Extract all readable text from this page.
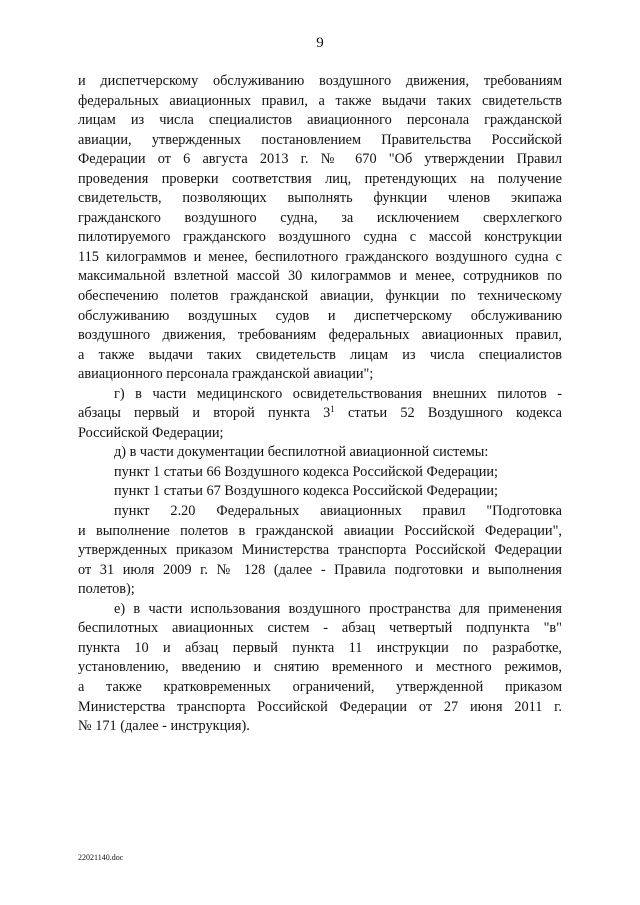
9
и диспетчерскому обслуживанию воздушного движения, требованиям
федеральных авиационных правил, а также выдачи таких свидетельств
лицам из числа специалистов авиационного персонала гражданской
авиации, утвержденных постановлением Правительства Российской
Федерации от 6 августа 2013 г. № 670 "Об утверждении Правил
проведения проверки соответствия лиц, претендующих на получение
свидетельств, позволяющих выполнять функции членов экипажа
гражданского воздушного судна, за исключением сверхлегкого
пилотируемого гражданского воздушного судна с массой конструкции
115 килограммов и менее, беспилотного гражданского воздушного судна с
максимальной взлетной массой 30 килограммов и менее, сотрудников по
обеспечению полетов гражданской авиации, функции по техническому
обслуживанию воздушных судов и диспетчерскому обслуживанию
воздушного движения, требованиям федеральных авиационных правил,
а также выдачи таких свидетельств лицам из числа специалистов
авиационного персонала гражданской авиации";
г) в части медицинского освидетельствования внешних пилотов -
абзацы первый и второй пункта $3^1$ статьи 52 Воздушного кодекса
Российской Федерации;
д) в части документации беспилотной авиационной системы:
пункт 1 статьи 66 Воздушного кодекса Российской Федерации;
пункт 1 статьи 67 Воздушного кодекса Российской Федерации;
пункт 2.20 Федеральных авиационных правил "Подготовка
и выполнение полетов в гражданской авиации Российской Федерации",
утвержденных приказом Министерства транспорта Российской Федерации
от 31 июля 2009 г. № 128 (далее - Правила подготовки и выполнения
полетов);
е) в части использования воздушного пространства для применения
беспилотных авиационных систем - абзац четвертый подпункта "в"
пункта 10 и абзац первый пункта 11 инструкции по разработке,
установлению, введению и снятию временного и местного режимов,
а также кратковременных ограничений, утвержденной приказом
Министерства транспорта Российской Федерации от 27 июня 2011 г.
№ 171 (далее - инструкция).
22021140.doc
